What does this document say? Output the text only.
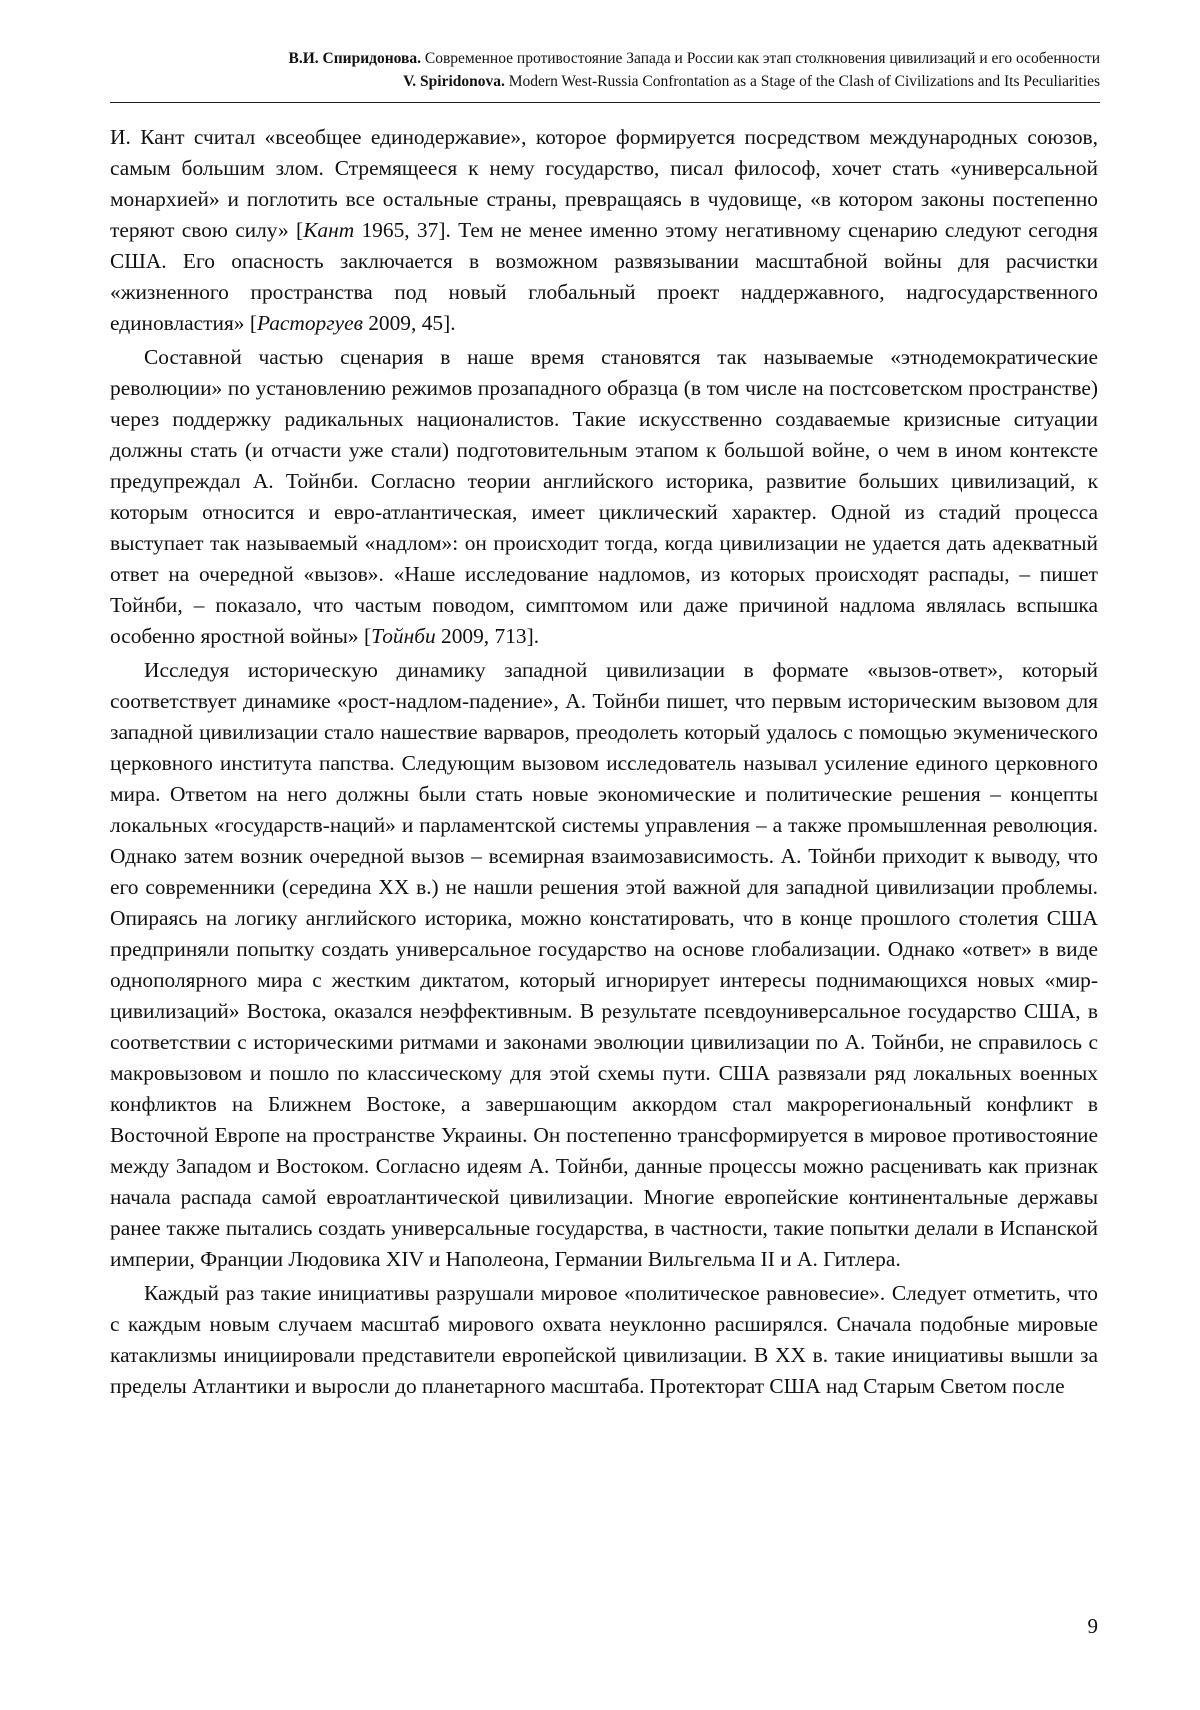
В.И. Спиридонова. Современное противостояние Запада и России как этап столкновения цивилизаций и его особенности
V. Spiridonova. Modern West-Russia Confrontation as a Stage of the Clash of Civilizations and Its Peculiarities

И. Кант считал «всеобщее единодержавие», которое формируется посредством международных союзов, самым большим злом. Стремящееся к нему государство, писал философ, хочет стать «универсальной монархией» и поглотить все остальные страны, превращаясь в чудовище, «в котором законы постепенно теряют свою силу» [Кант 1965, 37]. Тем не менее именно этому негативному сценарию следуют сегодня США. Его опасность заключается в возможном развязывании масштабной войны для расчистки «жизненного пространства под новый глобальный проект наддержавного, надгосударственного единовластия» [Расторгуев 2009, 45].

Составной частью сценария в наше время становятся так называемые «этнодемократические революции» по установлению режимов прозападного образца (в том числе на постсоветском пространстве) через поддержку радикальных националистов. Такие искусственно создаваемые кризисные ситуации должны стать (и отчасти уже стали) подготовительным этапом к большой войне, о чем в ином контексте предупреждал А. Тойнби. Согласно теории английского историка, развитие больших цивилизаций, к которым относится и евро-атлантическая, имеет циклический характер. Одной из стадий процесса выступает так называемый «надлом»: он происходит тогда, когда цивилизации не удается дать адекватный ответ на очередной «вызов». «Наше исследование надломов, из которых происходят распады, – пишет Тойнби, – показало, что частым поводом, симптомом или даже причиной надлома являлась вспышка особенно яростной войны» [Тойнби 2009, 713].

Исследуя историческую динамику западной цивилизации в формате «вызов-ответ», который соответствует динамике «рост-надлом-падение», А. Тойнби пишет, что первым историческим вызовом для западной цивилизации стало нашествие варваров, преодолеть который удалось с помощью экуменического церковного института папства. Следующим вызовом исследователь называл усиление единого церковного мира. Ответом на него должны были стать новые экономические и политические решения – концепты локальных «государств-наций» и парламентской системы управления – а также промышленная революция. Однако затем возник очередной вызов – всемирная взаимозависимость. А. Тойнби приходит к выводу, что его современники (середина XX в.) не нашли решения этой важной для западной цивилизации проблемы. Опираясь на логику английского историка, можно констатировать, что в конце прошлого столетия США предприняли попытку создать универсальное государство на основе глобализации. Однако «ответ» в виде однополярного мира с жестким диктатом, который игнорирует интересы поднимающихся новых «мир-цивилизаций» Востока, оказался неэффективным. В результате псевдоуниверсальное государство США, в соответствии с историческими ритмами и законами эволюции цивилизации по А. Тойнби, не справилось с макровызовом и пошло по классическому для этой схемы пути. США развязали ряд локальных военных конфликтов на Ближнем Востоке, а завершающим аккордом стал макрорегиональный конфликт в Восточной Европе на пространстве Украины. Он постепенно трансформируется в мировое противостояние между Западом и Востоком. Согласно идеям А. Тойнби, данные процессы можно расценивать как признак начала распада самой евроатлантической цивилизации. Многие европейские континентальные державы ранее также пытались создать универсальные государства, в частности, такие попытки делали в Испанской империи, Франции Людовика XIV и Наполеона, Германии Вильгельма II и А. Гитлера.

Каждый раз такие инициативы разрушали мировое «политическое равновесие». Следует отметить, что с каждым новым случаем масштаб мирового охвата неуклонно расширялся. Сначала подобные мировые катаклизмы инициировали представители европейской цивилизации. В XX в. такие инициативы вышли за пределы Атлантики и выросли до планетарного масштаба. Протекторат США над Старым Светом после

9
